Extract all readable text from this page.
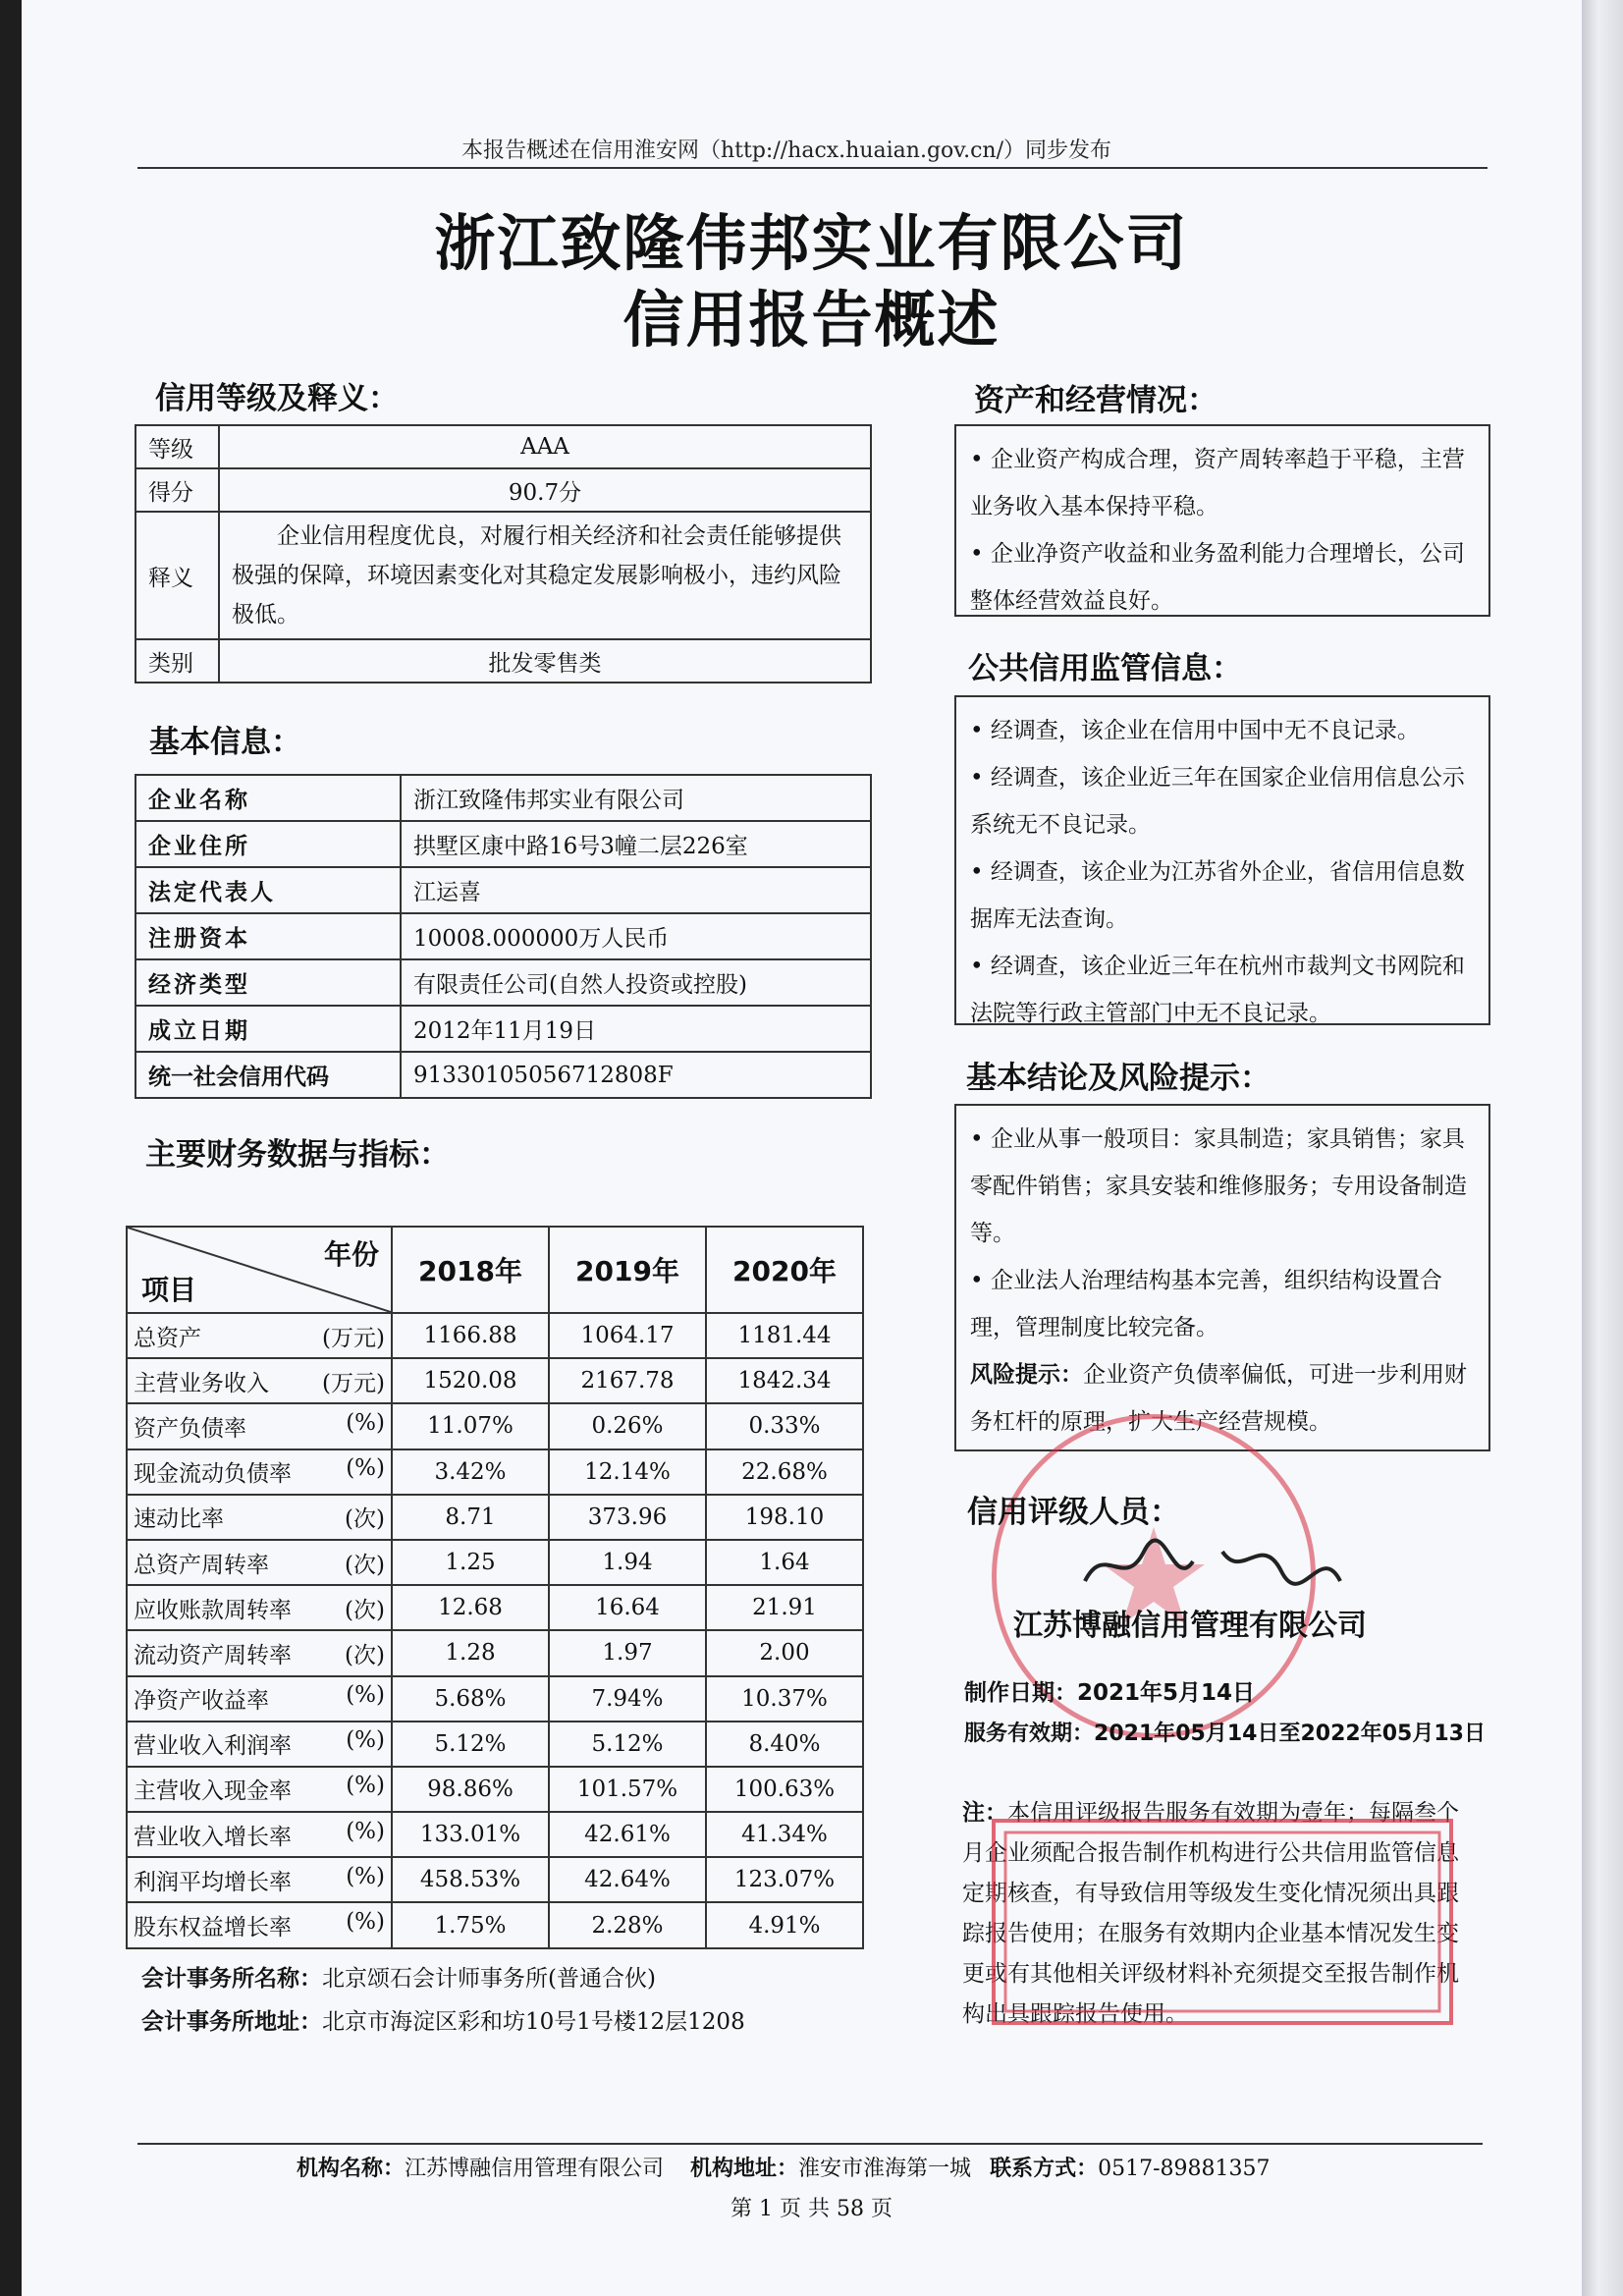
本报告概述在信用淮安网（http://hacx.huaian.gov.cn/）同步发布
浙江致隆伟邦实业有限公司
信用报告概述
信用等级及释义：
等级	AAA
得分	90.7分
释义	企业信用程度优良，对履行相关经济和社会责任能够提供极强的保障，环境因素变化对其稳定发展影响极小，违约风险极低。
类别	批发零售类
基本信息：
企业名称	浙江致隆伟邦实业有限公司
企业住所	拱墅区康中路16号3幢二层226室
法定代表人	江运喜
注册资本	10008.000000万人民币
经济类型	有限责任公司(自然人投资或控股)
成立日期	2012年11月19日
统一社会信用代码	91330105056712808F
主要财务数据与指标：
年份
项目	2018年	2019年	2020年
总资产 (万元)	1166.88	1064.17	1181.44
主营业务收入 (万元)	1520.08	2167.78	1842.34
资产负债率 (%)	11.07%	0.26%	0.33%
现金流动负债率 (%)	3.42%	12.14%	22.68%
速动比率 (次)	8.71	373.96	198.10
总资产周转率 (次)	1.25	1.94	1.64
应收账款周转率 (次)	12.68	16.64	21.91
流动资产周转率 (次)	1.28	1.97	2.00
净资产收益率 (%)	5.68%	7.94%	10.37%
营业收入利润率 (%)	5.12%	5.12%	8.40%
主营收入现金率 (%)	98.86%	101.57%	100.63%
营业收入增长率 (%)	133.01%	42.61%	41.34%
利润平均增长率 (%)	458.53%	42.64%	123.07%
股东权益增长率 (%)	1.75%	2.28%	4.91%
会计事务所名称：北京颂石会计师事务所(普通合伙)
会计事务所地址：北京市海淀区彩和坊10号1号楼12层1208
资产和经营情况：

• 企业资产构成合理，资产周转率趋于平稳，主营业务收入基本保持平稳。

• 企业净资产收益和业务盈利能力合理增长，公司整体经营效益良好。

公共信用监管信息：

• 经调查，该企业在信用中国中无不良记录。

• 经调查，该企业近三年在国家企业信用信息公示系统无不良记录。

• 经调查，该企业为江苏省外企业，省信用信息数据库无法查询。

• 经调查，该企业近三年在杭州市裁判文书网院和法院等行政主管部门中无不良记录。

基本结论及风险提示：

• 企业从事一般项目：家具制造；家具销售；家具零配件销售；家具安装和维修服务；专用设备制造等。

• 企业法人治理结构基本完善，组织结构设置合理，管理制度比较完备。

风险提示：企业资产负债率偏低，可进一步利用财务杠杆的原理，扩大生产经营规模。

信用评级人员：
江苏博融信用管理有限公司
制作日期：2021年5月14日
服务有效期：2021年05月14日至2022年05月13日
注：本信用评级报告服务有效期为壹年；每隔叁个月企业须配合报告制作机构进行公共信用监管信息定期核查，有导致信用等级发生变化情况须出具跟踪报告使用；在服务有效期内企业基本情况发生变更或有其他相关评级材料补充须提交至报告制作机构出具跟踪报告使用。
机构名称：江苏博融信用管理有限公司 机构地址：淮安市淮海第一城 联系方式：0517-89881357
第 1 页 共 58 页
